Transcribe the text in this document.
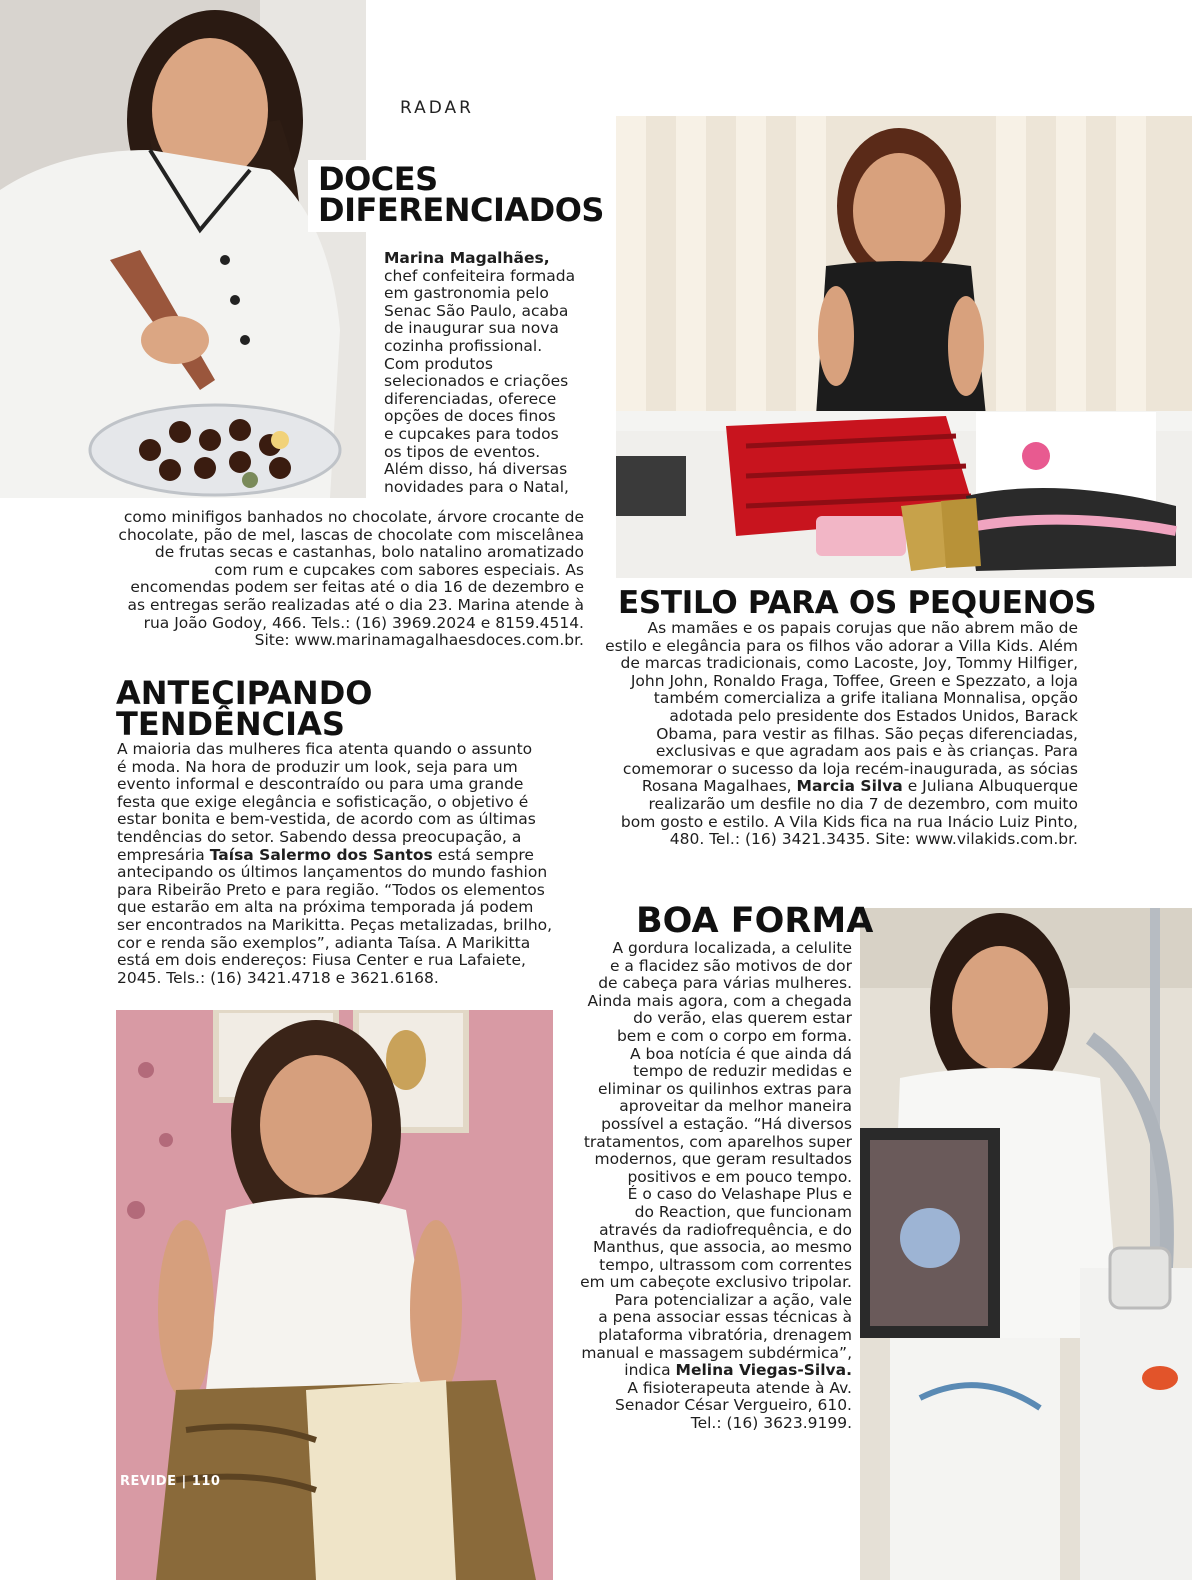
RADAR
DOCES
DIFERENCIADOS
Marina Magalhães,
chef confeiteira formada
em gastronomia pelo
Senac São Paulo, acaba
de inaugurar sua nova
cozinha profissional.
Com produtos
selecionados e criações
diferenciadas, oferece
opções de doces finos
e cupcakes para todos
os tipos de eventos.
Além disso, há diversas
novidades para o Natal,
como minifigos banhados no chocolate, árvore crocante de
chocolate, pão de mel, lascas de chocolate com miscelânea
de frutas secas e castanhas, bolo natalino aromatizado
com rum e cupcakes com sabores especiais. As
encomendas podem ser feitas até o dia 16 de dezembro e
as entregas serão realizadas até o dia 23. Marina atende à
rua João Godoy, 466. Tels.: (16) 3969.2024 e 8159.4514.
Site: www.marinamagalhaesdoces.com.br.
ESTILO PARA OS PEQUENOS
As mamães e os papais corujas que não abrem mão de
estilo e elegância para os filhos vão adorar a Villa Kids. Além
de marcas tradicionais, como Lacoste, Joy, Tommy Hilfiger,
John John, Ronaldo Fraga, Toffee, Green e Spezzato, a loja
também comercializa a grife italiana Monnalisa, opção
adotada pelo presidente dos Estados Unidos, Barack
Obama, para vestir as filhas. São peças diferenciadas,
exclusivas e que agradam aos pais e às crianças. Para
comemorar o sucesso da loja recém-inaugurada, as sócias
Rosana Magalhaes, Marcia Silva e Juliana Albuquerque
realizarão um desfile no dia 7 de dezembro, com muito
bom gosto e estilo. A Vila Kids fica na rua Inácio Luiz Pinto,
480. Tel.: (16) 3421.3435. Site: www.vilakids.com.br.
ANTECIPANDO
TENDÊNCIAS
A maioria das mulheres fica atenta quando o assunto
é moda. Na hora de produzir um look, seja para um
evento informal e descontraído ou para uma grande
festa que exige elegância e sofisticação, o objetivo é
estar bonita e bem-vestida, de acordo com as últimas
tendências do setor. Sabendo dessa preocupação, a
empresária Taísa Salermo dos Santos está sempre
antecipando os últimos lançamentos do mundo fashion
para Ribeirão Preto e para região. “Todos os elementos
que estarão em alta na próxima temporada já podem
ser encontrados na Marikitta. Peças metalizadas, brilho,
cor e renda são exemplos”, adianta Taísa. A Marikitta
está em dois endereços: Fiusa Center e rua Lafaiete,
2045. Tels.: (16) 3421.4718 e 3621.6168.
BOA FORMA
A gordura localizada, a celulite
e a flacidez são motivos de dor
de cabeça para várias mulheres.
Ainda mais agora, com a chegada
do verão, elas querem estar
bem e com o corpo em forma.
A boa notícia é que ainda dá
tempo de reduzir medidas e
eliminar os quilinhos extras para
aproveitar da melhor maneira
possível a estação. “Há diversos
tratamentos, com aparelhos super
modernos, que geram resultados
positivos e em pouco tempo.
É o caso do Velashape Plus e
do Reaction, que funcionam
através da radiofrequência, e do
Manthus, que associa, ao mesmo
tempo, ultrassom com correntes
em um cabeçote exclusivo tripolar.
Para potencializar a ação, vale
a pena associar essas técnicas à
plataforma vibratória, drenagem
manual e massagem subdérmica”,
indica Melina Viegas-Silva.
A fisioterapeuta atende à Av.
Senador César Vergueiro, 610.
Tel.: (16) 3623.9199.
REVIDE | 110
